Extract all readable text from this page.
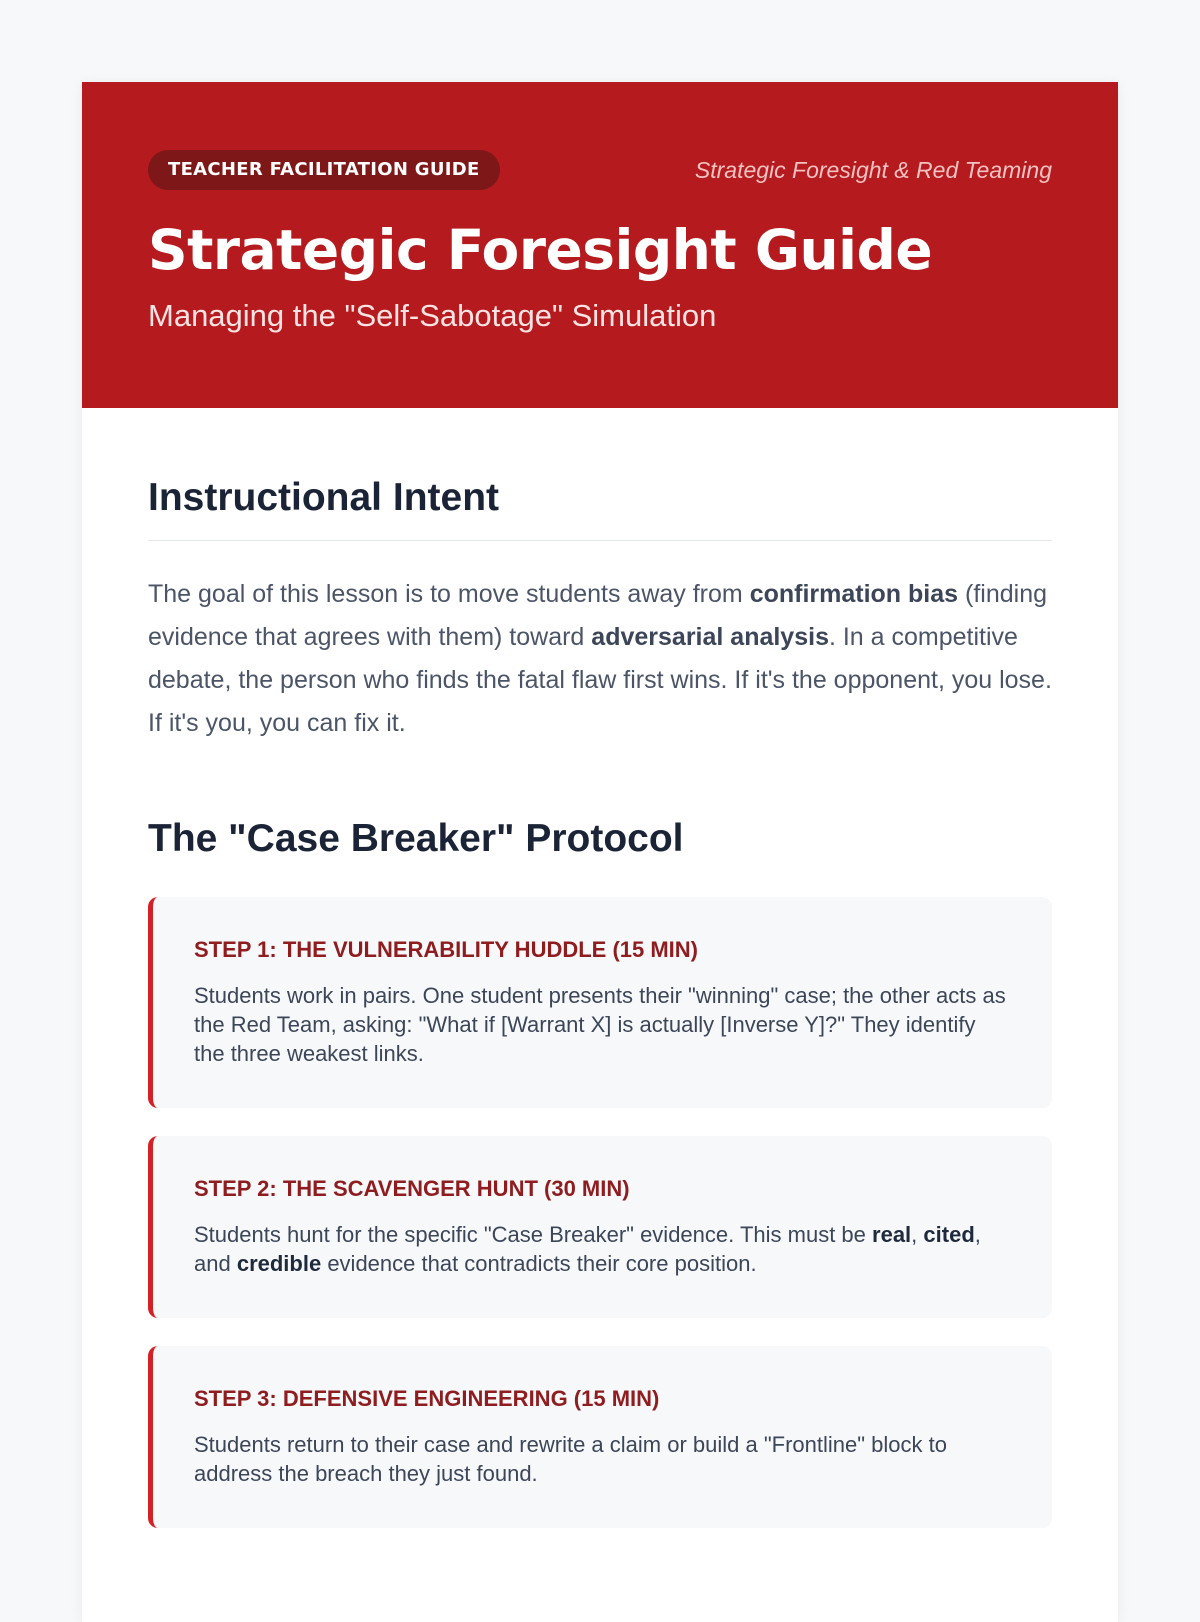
TEACHER FACILITATION GUIDE	Strategic Foresight & Red Teaming
Strategic Foresight Guide
Managing the "Self-Sabotage" Simulation
Instructional Intent

The goal of this lesson is to move students away from confirmation bias (finding evidence that agrees with them) toward adversarial analysis. In a competitive debate, the person who finds the fatal flaw first wins. If it's the opponent, you lose. If it's you, you can fix it.

The "Case Breaker" Protocol
STEP 1: THE VULNERABILITY HUDDLE (15 MIN)
Students work in pairs. One student presents their "winning" case; the other acts as the Red Team, asking: "What if [Warrant X] is actually [Inverse Y]?" They identify the three weakest links.
STEP 2: THE SCAVENGER HUNT (30 MIN)
Students hunt for the specific "Case Breaker" evidence. This must be real, cited, and credible evidence that contradicts their core position.
STEP 3: DEFENSIVE ENGINEERING (15 MIN)
Students return to their case and rewrite a claim or build a "Frontline" block to address the breach they just found.
